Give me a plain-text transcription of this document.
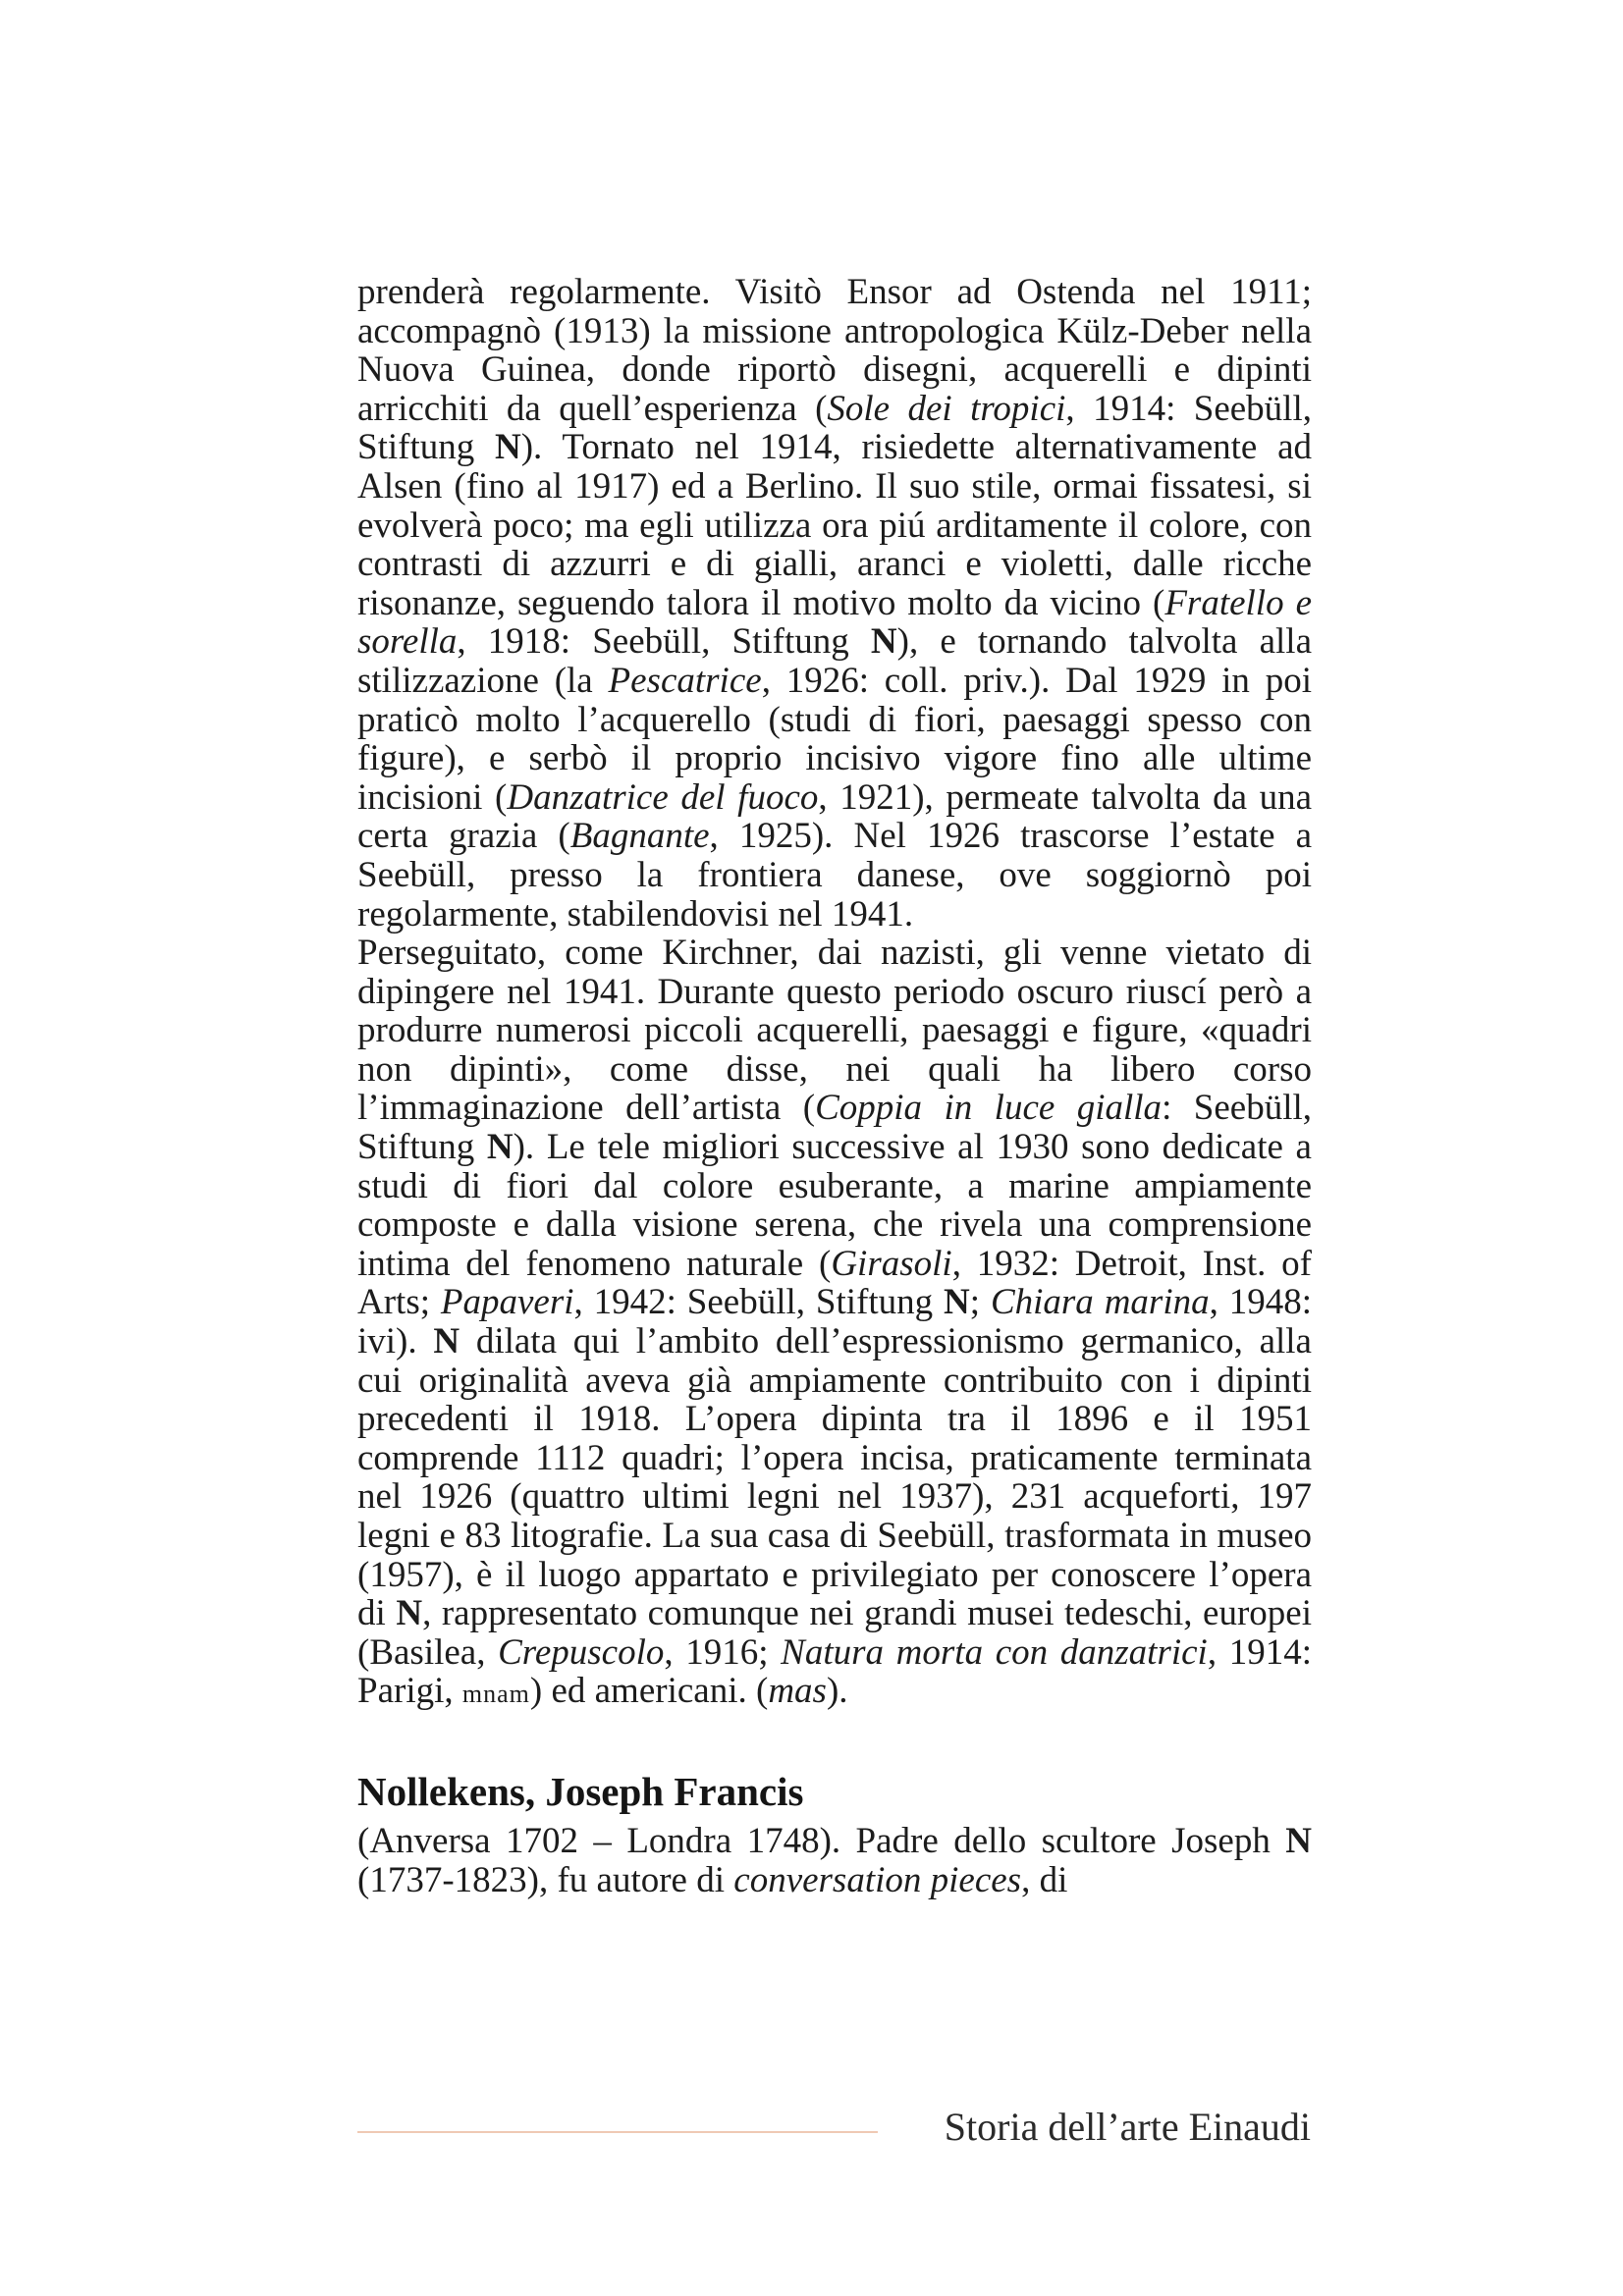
prenderà regolarmente. Visitò Ensor ad Ostenda nel 1911; accompagnò (1913) la missione antropologica Külz-Deber nella Nuova Guinea, donde riportò disegni, acquerelli e dipinti arricchiti da quell’esperienza (Sole dei tropici, 1914: Seebüll, Stiftung N). Tornato nel 1914, risiedette alternativamente ad Alsen (fino al 1917) ed a Berlino. Il suo stile, ormai fissatesi, si evolverà poco; ma egli utilizza ora piú arditamente il colore, con contrasti di azzurri e di gialli, aranci e violetti, dalle ricche risonanze, seguendo talora il motivo molto da vicino (Fratello e sorella, 1918: Seebüll, Stiftung N), e tornando talvolta alla stilizzazione (la Pescatrice, 1926: coll. priv.). Dal 1929 in poi praticò molto l’acquerello (studi di fiori, paesaggi spesso con figure), e serbò il proprio incisivo vigore fino alle ultime incisioni (Danzatrice del fuoco, 1921), permeate talvolta da una certa grazia (Bagnante, 1925). Nel 1926 trascorse l’estate a Seebüll, presso la frontiera danese, ove soggiornò poi regolarmente, stabilendovisi nel 1941.

Perseguitato, come Kirchner, dai nazisti, gli venne vietato di dipingere nel 1941. Durante questo periodo oscuro riuscí però a produrre numerosi piccoli acquerelli, paesaggi e figure, «quadri non dipinti», come disse, nei quali ha libero corso l’immaginazione dell’artista (Coppia in luce gialla: Seebüll, Stiftung N). Le tele migliori successive al 1930 sono dedicate a studi di fiori dal colore esuberante, a marine ampiamente composte e dalla visione serena, che rivela una comprensione intima del fenomeno naturale (Girasoli, 1932: Detroit, Inst. of Arts; Papaveri, 1942: Seebüll, Stiftung N; Chiara marina, 1948: ivi). N dilata qui l’ambito dell’espressionismo germanico, alla cui originalità aveva già ampiamente contribuito con i dipinti precedenti il 1918. L’opera dipinta tra il 1896 e il 1951 comprende 1112 quadri; l’opera incisa, praticamente terminata nel 1926 (quattro ultimi legni nel 1937), 231 acqueforti, 197 legni e 83 litografie. La sua casa di Seebüll, trasformata in museo (1957), è il luogo appartato e privilegiato per conoscere l’opera di N, rappresentato comunque nei grandi musei tedeschi, europei (Basilea, Crepuscolo, 1916; Natura morta con danzatrici, 1914: Parigi, mnam) ed americani. (mas).

Nollekens, Joseph Francis

(Anversa 1702 – Londra 1748). Padre dello scultore Joseph N (1737-1823), fu autore di conversation pieces, di

Storia dell’arte Einaudi
